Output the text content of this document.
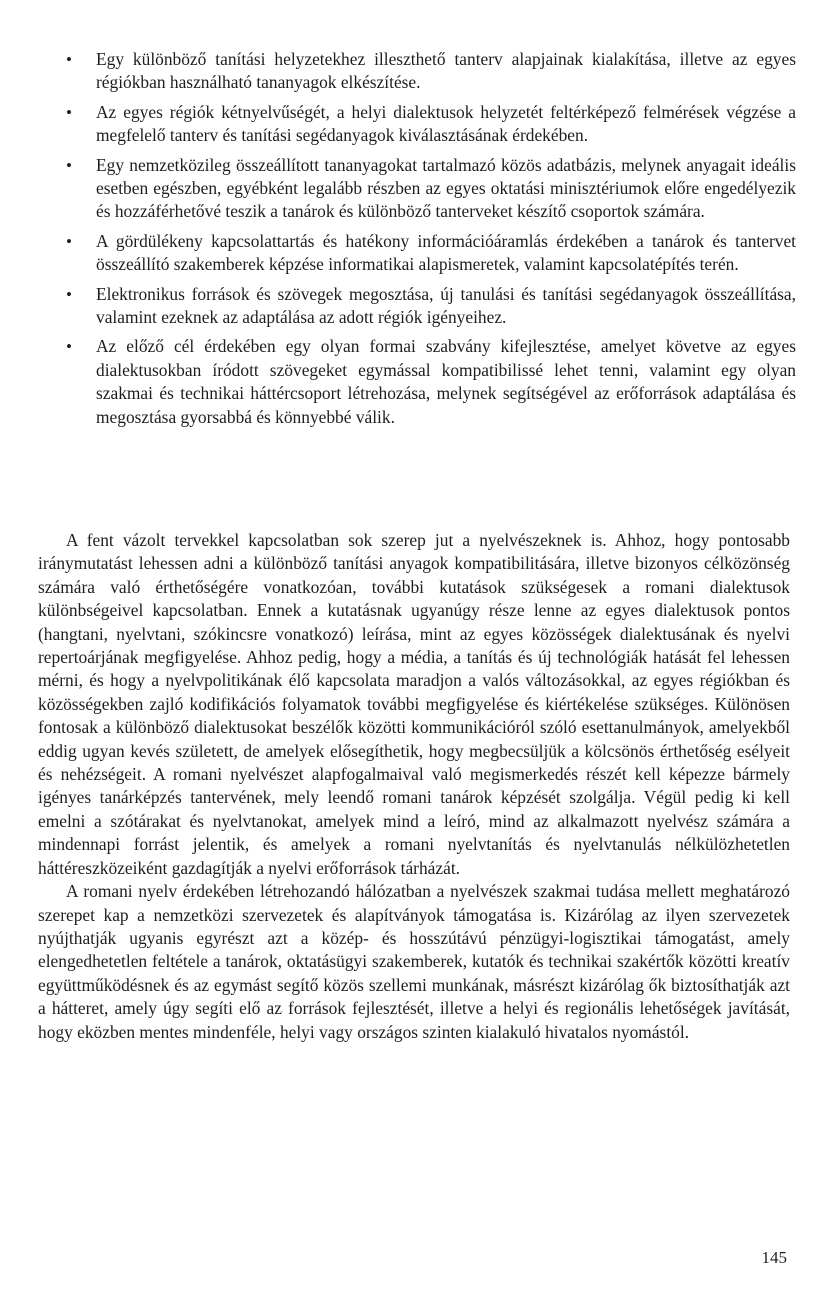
• Egy különböző tanítási helyzetekhez illeszthető tanterv alapjainak kialakítása, illetve az egyes régiókban használható tananyagok elkészítése.
• Az egyes régiók kétnyelvűségét, a helyi dialektusok helyzetét feltérképező felmérések végzése a megfelelő tanterv és tanítási segédanyagok kiválasztásának érdekében.
• Egy nemzetközileg összeállított tananyagokat tartalmazó közös adatbázis, melynek anyagait ideális esetben egészben, egyébként legalább részben az egyes oktatási minisztériumok előre engedélyezik és hozzáférhetővé teszik a tanárok és különböző tanterveket készítő csoportok számára.
• A gördülékeny kapcsolattartás és hatékony információáramlás érdekében a tanárok és tantervet összeállító szakemberek képzése informatikai alapismeretek, valamint kapcsolatépítés terén.
• Elektronikus források és szövegek megosztása, új tanulási és tanítási segédanyagok összeállítása, valamint ezeknek az adaptálása az adott régiók igényeihez.
• Az előző cél érdekében egy olyan formai szabvány kifejlesztése, amelyet követve az egyes dialektusokban íródott szövegeket egymással kompatibilissé lehet tenni, valamint egy olyan szakmai és technikai háttércsoport létrehozása, melynek segítségével az erőforrások adaptálása és megosztása gyorsabbá és könnyebbé válik.

A fent vázolt tervekkel kapcsolatban sok szerep jut a nyelvészeknek is. Ahhoz, hogy pontosabb iránymutatást lehessen adni a különböző tanítási anyagok kompatibilitására, illetve bizonyos célközönség számára való érthetőségére vonatkozóan, további kutatások szükségesek a romani dialektusok különbségeivel kapcsolatban. Ennek a kutatásnak ugyanúgy része lenne az egyes dialektusok pontos (hangtani, nyelvtani, szókincsre vonatkozó) leírása, mint az egyes közösségek dialektusának és nyelvi repertoárjának megfigyelése. Ahhoz pedig, hogy a média, a tanítás és új technológiák hatását fel lehessen mérni, és hogy a nyelvpolitikának élő kapcsolata maradjon a valós változásokkal, az egyes régiókban és közösségekben zajló kodifikációs folyamatok további megfigyelése és kiértékelése szükséges. Különösen fontosak a különböző dialektusokat beszélők közötti kommunikációról szóló esettanulmányok, amelyekből eddig ugyan kevés született, de amelyek elősegíthetik, hogy megbecsüljük a kölcsönös érthetőség esélyeit és nehézségeit. A romani nyelvészet alapfogalmaival való megismerkedés részét kell képezze bármely igényes tanárképzés tantervének, mely leendő romani tanárok képzését szolgálja. Végül pedig ki kell emelni a szótárakat és nyelvtanokat, amelyek mind a leíró, mind az alkalmazott nyelvész számára a mindennapi forrást jelentik, és amelyek a romani nyelvtanítás és nyelvtanulás nélkülözhetetlen háttéreszközeiként gazdagítják a nyelvi erőforrások tárházát.

A romani nyelv érdekében létrehozandó hálózatban a nyelvészek szakmai tudása mellett meghatározó szerepet kap a nemzetközi szervezetek és alapítványok támogatása is. Kizárólag az ilyen szervezetek nyújthatják ugyanis egyrészt azt a közép- és hosszútávú pénzügyi-logisztikai támogatást, amely elengedhetetlen feltétele a tanárok, oktatásügyi szakemberek, kutatók és technikai szakértők közötti kreatív együttműködésnek és az egymást segítő közös szellemi munkának, másrészt kizárólag ők biztosíthatják azt a hátteret, amely úgy segíti elő az források fejlesztését, illetve a helyi és regionális lehetőségek javítását, hogy eközben mentes mindenféle, helyi vagy országos szinten kialakuló hivatalos nyomástól.

145
